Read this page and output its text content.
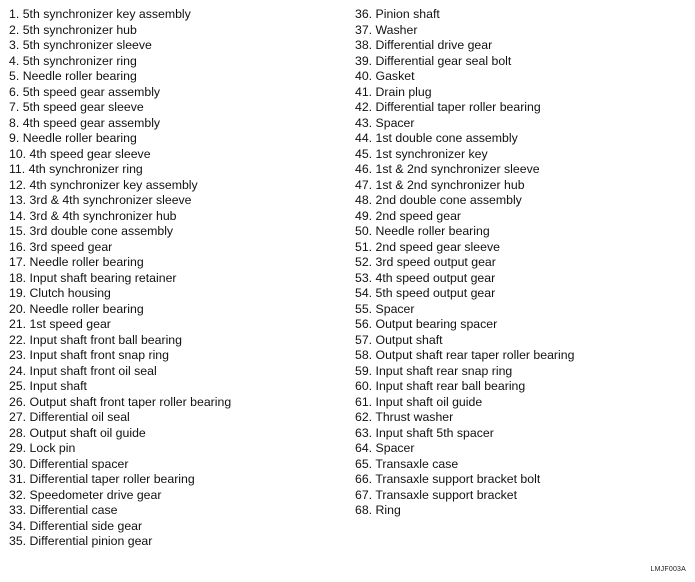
1. 5th synchronizer key assembly
2. 5th synchronizer hub
3. 5th synchronizer sleeve
4. 5th synchronizer ring
5. Needle roller bearing
6. 5th speed gear assembly
7. 5th speed gear sleeve
8. 4th speed gear assembly
9. Needle roller bearing
10. 4th speed gear sleeve
11. 4th synchronizer ring
12. 4th synchronizer key assembly
13. 3rd & 4th synchronizer sleeve
14. 3rd & 4th synchronizer hub
15. 3rd double cone assembly
16. 3rd speed gear
17. Needle roller bearing
18. Input shaft bearing retainer
19. Clutch housing
20. Needle roller bearing
21. 1st speed gear
22. Input shaft front ball bearing
23. Input shaft front snap ring
24. Input shaft front oil seal
25. Input shaft
26. Output shaft front taper roller bearing
27. Differential oil seal
28. Output shaft oil guide
29. Lock pin
30. Differential spacer
31. Differential taper roller bearing
32. Speedometer drive gear
33. Differential case
34. Differential side gear
35. Differential pinion gear
36. Pinion shaft
37. Washer
38. Differential drive gear
39. Differential gear seal bolt
40. Gasket
41. Drain plug
42. Differential taper roller bearing
43. Spacer
44. 1st double cone assembly
45. 1st synchronizer key
46. 1st & 2nd synchronizer sleeve
47. 1st & 2nd synchronizer hub
48. 2nd double cone assembly
49. 2nd speed gear
50. Needle roller bearing
51. 2nd speed gear sleeve
52. 3rd speed output gear
53. 4th speed output gear
54. 5th speed output gear
55. Spacer
56. Output bearing spacer
57. Output shaft
58. Output shaft rear taper roller bearing
59. Input shaft rear snap ring
60. Input shaft rear ball bearing
61. Input shaft oil guide
62. Thrust washer
63. Input shaft 5th spacer
64. Spacer
65. Transaxle case
66. Transaxle support bracket bolt
67. Transaxle support bracket
68. Ring
LMJF003A
